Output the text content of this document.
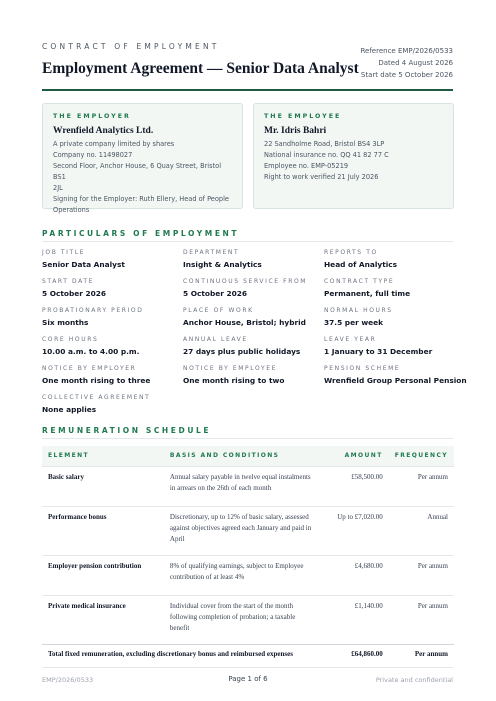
CONTRACT OF EMPLOYMENT
Employment Agreement — Senior Data Analyst
Reference EMP/2026/0533
Dated 4 August 2026
Start date 5 October 2026
THE EMPLOYER
Wrenfield Analytics Ltd.
A private company limited by shares
Company no. 11498027
Second Floor, Anchor House, 6 Quay Street, Bristol BS1
2JL
Signing for the Employer: Ruth Ellery, Head of People
Operations
THE EMPLOYEE
Mr. Idris Bahri
22 Sandholme Road, Bristol BS4 3LP
National insurance no. QQ 41 82 77 C
Employee no. EMP-05219
Right to work verified 21 July 2026
PARTICULARS OF EMPLOYMENT
JOB TITLE
Senior Data Analyst
DEPARTMENT
Insight & Analytics
REPORTS TO
Head of Analytics
START DATE
5 October 2026
CONTINUOUS SERVICE FROM
5 October 2026
CONTRACT TYPE
Permanent, full time
PROBATIONARY PERIOD
Six months
PLACE OF WORK
Anchor House, Bristol; hybrid
NORMAL HOURS
37.5 per week
CORE HOURS
10.00 a.m. to 4.00 p.m.
ANNUAL LEAVE
27 days plus public holidays
LEAVE YEAR
1 January to 31 December
NOTICE BY EMPLOYER
One month rising to three
NOTICE BY EMPLOYEE
One month rising to two
PENSION SCHEME
Wrenfield Group Personal Pension
COLLECTIVE AGREEMENT
None applies
REMUNERATION SCHEDULE
ELEMENT	BASIS AND CONDITIONS	AMOUNT	FREQUENCY
Basic salary	Annual salary payable in twelve equal instalments in arrears on the 26th of each month	£58,500.00	Per annum
Performance bonus	Discretionary, up to 12% of basic salary, assessed against objectives agreed each January and paid in April	Up to £7,020.00	Annual
Employer pension contribution	8% of qualifying earnings, subject to Employee contribution of at least 4%	£4,680.00	Per annum
Private medical insurance	Individual cover from the start of the month following completion of probation; a taxable benefit	£1,140.00	Per annum
Total fixed remuneration, excluding discretionary bonus and reimbursed expenses		£64,860.00	Per annum
EMP/2026/0533	Page 1 of 6	Private and confidential
